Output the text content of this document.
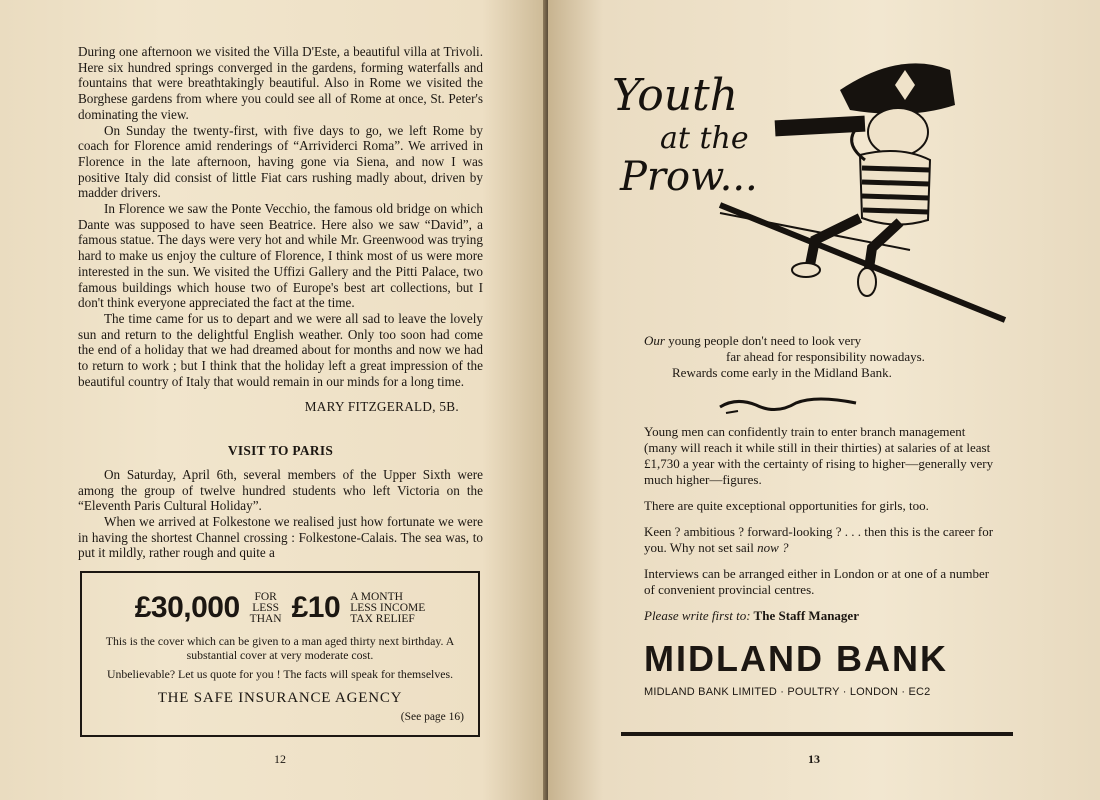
During one afternoon we visited the Villa D'Este, a beautiful villa at Trivoli. Here six hundred springs converged in the gardens, forming waterfalls and fountains that were breathtakingly beautiful. Also in Rome we visited the Borghese gardens from where you could see all of Rome at once, St. Peter's dominating the view.

On Sunday the twenty-first, with five days to go, we left Rome by coach for Florence amid renderings of “Arrividerci Roma”. We arrived in Florence in the late afternoon, having gone via Siena, and now I was positive Italy did consist of little Fiat cars rushing madly about, driven by madder drivers.

In Florence we saw the Ponte Vecchio, the famous old bridge on which Dante was supposed to have seen Beatrice. Here also we saw “David”, a famous statue. The days were very hot and while Mr. Greenwood was trying hard to make us enjoy the culture of Florence, I think most of us were more interested in the sun. We visited the Uffizi Gallery and the Pitti Palace, two famous buildings which house two of Europe's best art collections, but I don't think everyone appreciated the fact at the time.

The time came for us to depart and we were all sad to leave the lovely sun and return to the delightful English weather. Only too soon had come the end of a holiday that we had dreamed about for months and now we had to return to work ; but I think that the holiday left a great impression of the beautiful country of Italy that would remain in our minds for a long time.

MARY FITZGERALD, 5B.

VISIT TO PARIS

On Saturday, April 6th, several members of the Upper Sixth were among the group of twelve hundred students who left Victoria on the “Eleventh Paris Cultural Holiday”.

When we arrived at Folkestone we realised just how fortunate we were in having the shortest Channel crossing : Folkestone-Calais. The sea was, to put it mildly, rather rough and quite a

£30,000	FOR
LESS
THAN £10 A MONTH
LESS INCOME
TAX RELIEF
This is the cover which can be given to a man aged thirty next birthday. A substantial cover at very moderate cost.
Unbelievable? Let us quote for you ! The facts will speak for themselves.
THE SAFE INSURANCE AGENCY
(See page 16)
12
Youth
at the
Prow...
Our young people don't need to look very
far ahead for responsibility nowadays.
Rewards come early in the Midland Bank.

Young men can confidently train to enter branch management (many will reach it while still in their thirties) at salaries of at least £1,730 a year with the certainty of rising to higher—generally very much higher—figures.

There are quite exceptional opportunities for girls, too.

Keen ? ambitious ? forward-looking ? . . . then this is the career for you. Why not set sail now ?

Interviews can be arranged either in London or at one of a number of convenient provincial centres.

Please write first to: The Staff Manager

MIDLAND BANK
MIDLAND BANK LIMITED · POULTRY · LONDON · EC2
13
